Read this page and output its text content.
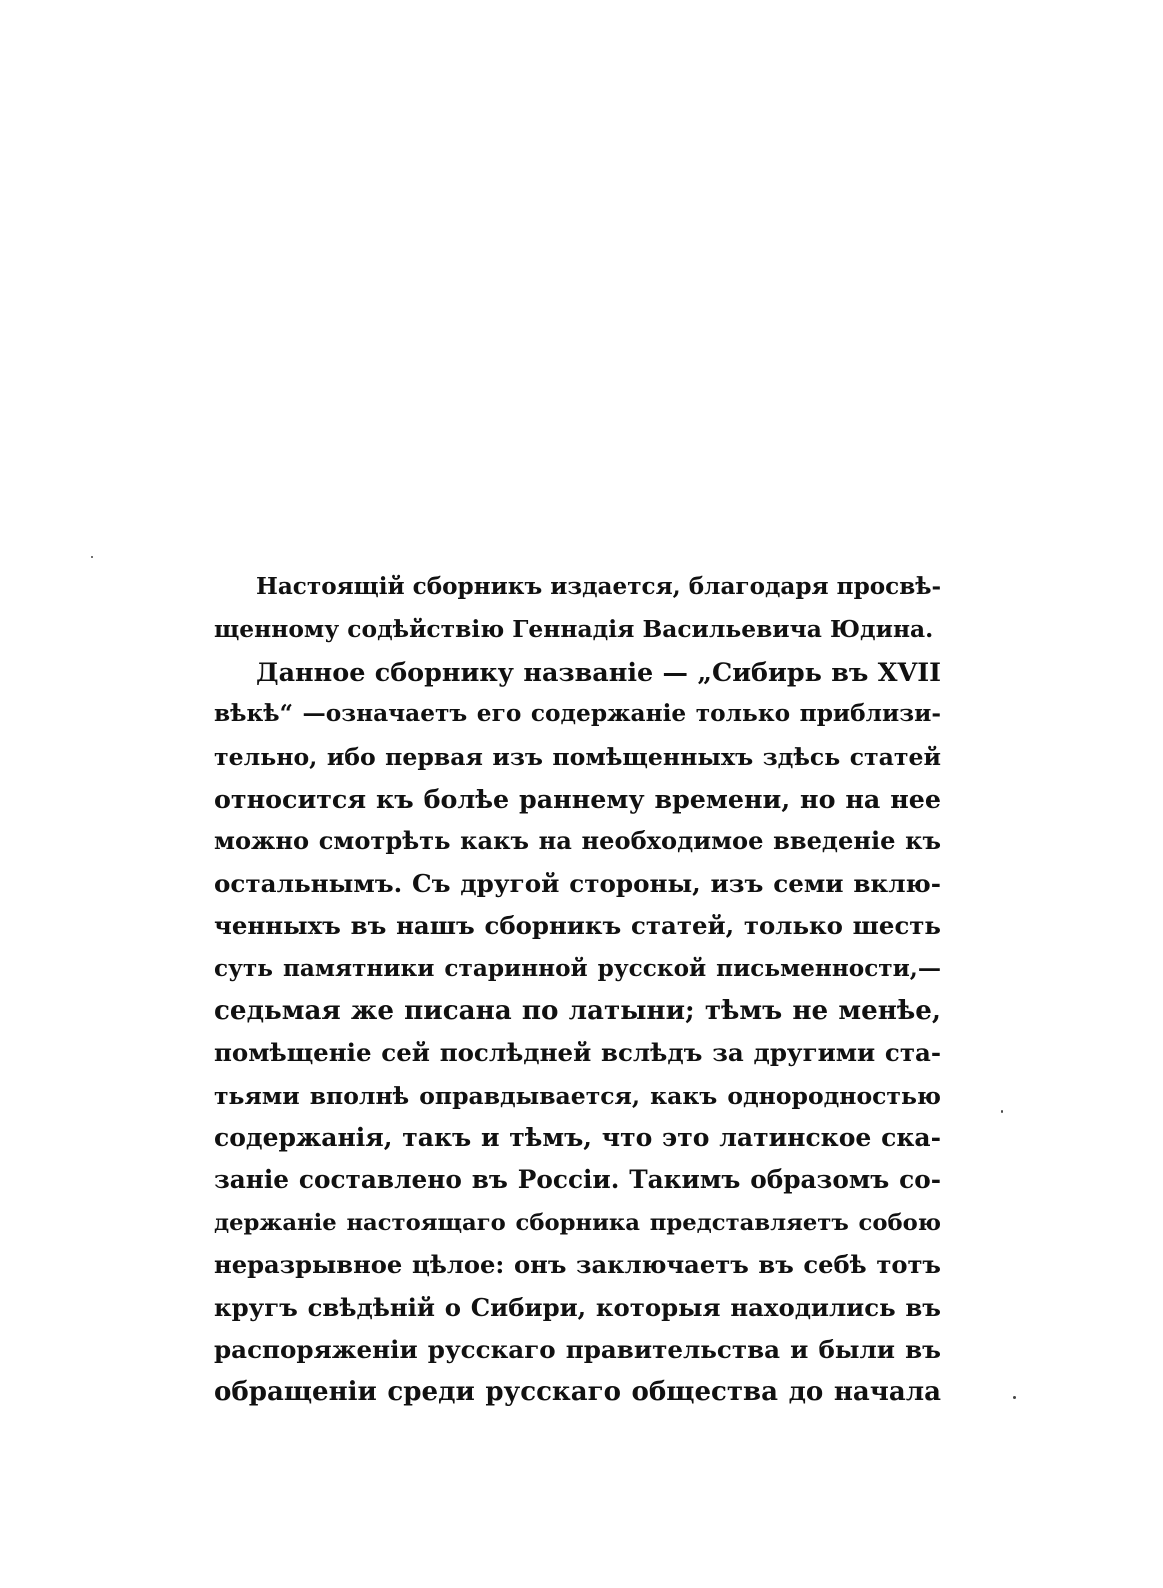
Настоящій сборникъ издается, благодаря просвѣ-
щенному содѣйствію Геннадія Васильевича Юдина.
Данное сборнику названіе — „Сибирь въ XVII
вѣкѣ“ —означаетъ его содержаніе только приблизи-
тельно, ибо первая изъ помѣщенныхъ здѣсь статей
относится къ болѣе раннему времени, но на нее
можно смотрѣть какъ на необходимое введеніе къ
остальнымъ. Съ другой стороны, изъ семи вклю-
ченныхъ въ нашъ сборникъ статей, только шесть
суть памятники старинной русской письменности,—
седьмая же писана по латыни; тѣмъ не менѣе,
помѣщеніе сей послѣдней вслѣдъ за другими ста-
тьями вполнѣ оправдывается, какъ однородностью
содержанія, такъ и тѣмъ, что это латинское ска-
заніе составлено въ Россіи. Такимъ образомъ со-
держаніе настоящаго сборника представляетъ собою
неразрывное цѣлое: онъ заключаетъ въ себѣ тотъ
кругъ свѣдѣній о Сибири, которыя находились въ
распоряженіи русскаго правительства и были въ
обращеніи среди русскаго общества до начала
